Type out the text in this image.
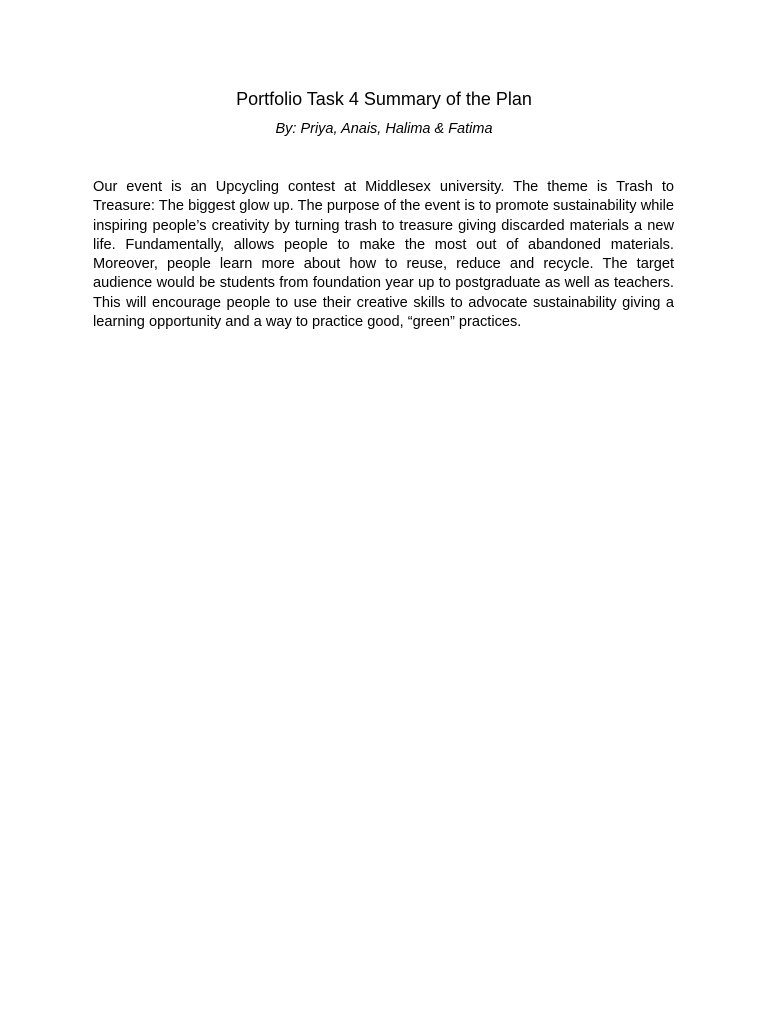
Portfolio Task 4 Summary of the Plan
By: Priya, Anais, Halima & Fatima

Our event is an Upcycling contest at Middlesex university. The theme is Trash to Treasure: The biggest glow up. The purpose of the event is to promote sustainability while inspiring people’s creativity by turning trash to treasure giving discarded materials a new life. Fundamentally, allows people to make the most out of abandoned materials. Moreover, people learn more about how to reuse, reduce and recycle. The target audience would be students from foundation year up to postgraduate as well as teachers. This will encourage people to use their creative skills to advocate sustainability giving a learning opportunity and a way to practice good, “green” practices.
